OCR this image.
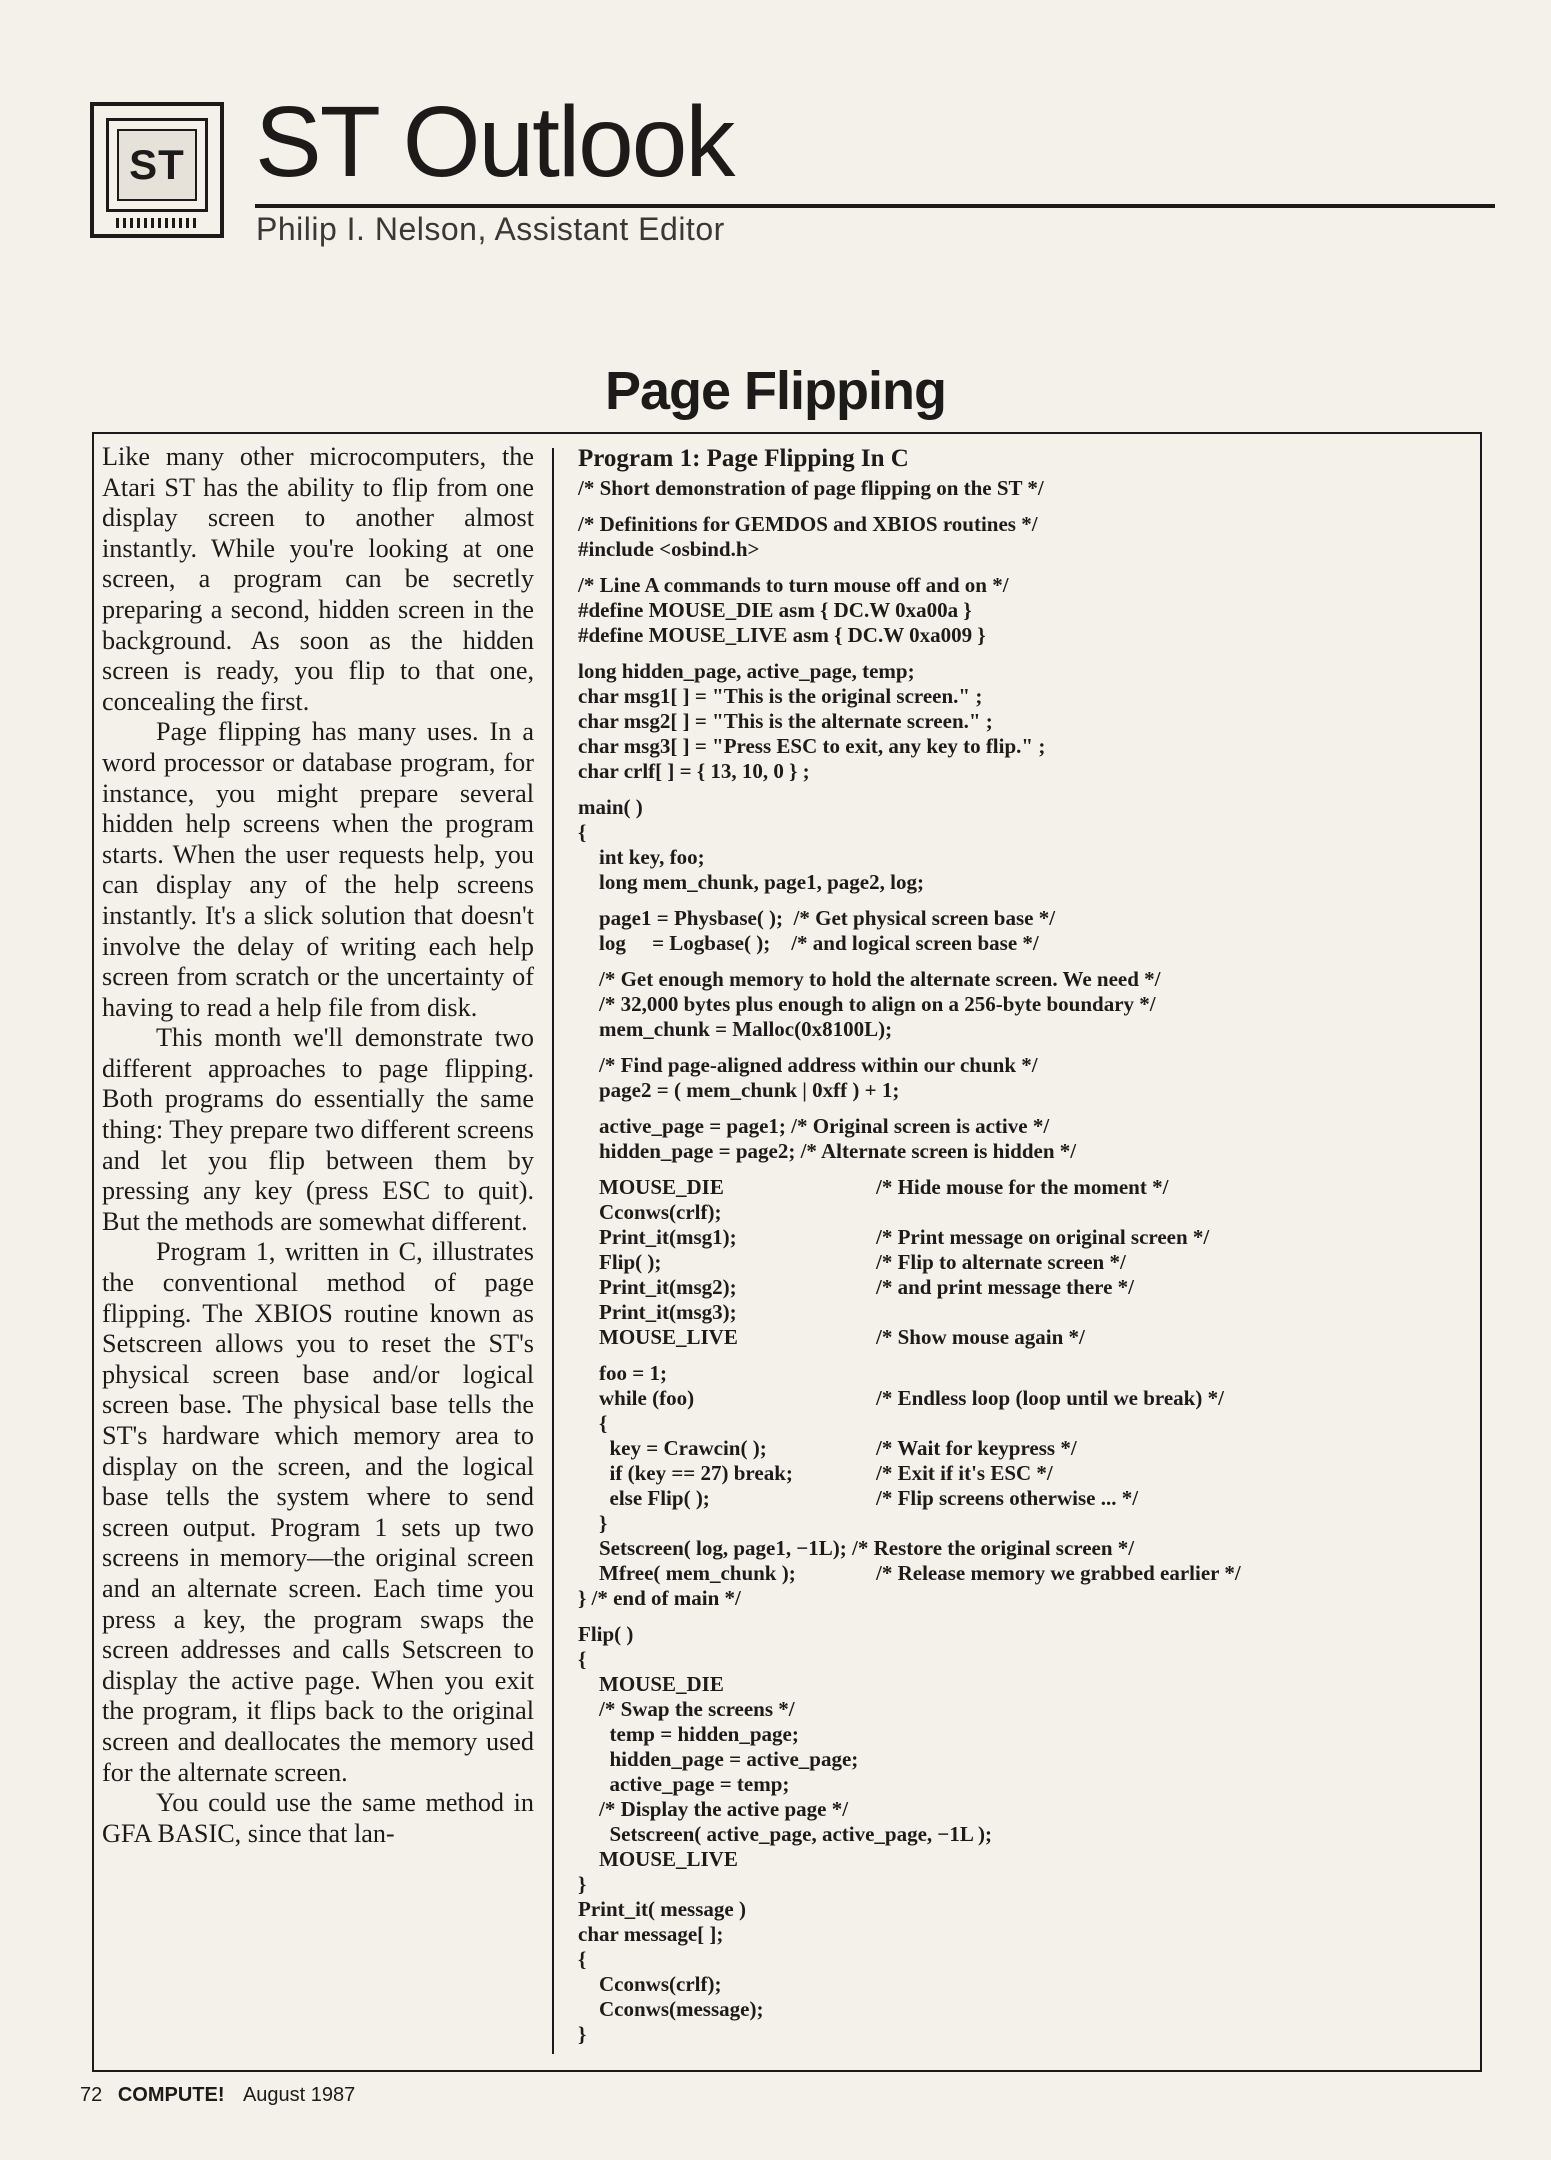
ST ST Outlook

Philip I. Nelson, Assistant Editor

Page Flipping

Like many other microcomputers, the Atari ST has the ability to flip from one display screen to another almost instantly. While you're looking at one screen, a program can be secretly preparing a second, hidden screen in the background. As soon as the hidden screen is ready, you flip to that one, concealing the first.

Page flipping has many uses. In a word processor or database program, for instance, you might prepare several hidden help screens when the program starts. When the user requests help, you can display any of the help screens instantly. It's a slick solution that doesn't involve the delay of writing each help screen from scratch or the uncertainty of having to read a help file from disk.

This month we'll demonstrate two different approaches to page flipping. Both programs do essentially the same thing: They prepare two different screens and let you flip between them by pressing any key (press ESC to quit). But the methods are somewhat different.

Program 1, written in C, illustrates the conventional method of page flipping. The XBIOS routine known as Setscreen allows you to reset the ST's physical screen base and/or logical screen base. The physical base tells the ST's hardware which memory area to display on the screen, and the logical base tells the system where to send screen output. Program 1 sets up two screens in memory—the original screen and an alternate screen. Each time you press a key, the program swaps the screen addresses and calls Setscreen to display the active page. When you exit the program, it flips back to the original screen and deallocates the memory used for the alternate screen.

You could use the same method in GFA BASIC, since that lan-

Program 1: Page Flipping In C

/* Short demonstration of page flipping on the ST */
/* Definitions for GEMDOS and XBIOS routines */
#include <osbind.h>
/* Line A commands to turn mouse off and on */
#define MOUSE_DIE asm { DC.W 0xa00a }
#define MOUSE_LIVE asm { DC.W 0xa009 }
long hidden_page, active_page, temp;
char msg1[ ] = "This is the original screen." ;
char msg2[ ] = "This is the alternate screen." ;
char msg3[ ] = "Press ESC to exit, any key to flip." ;
char crlf[ ] = { 13, 10, 0 } ;
main( )
{
int key, foo;
long mem_chunk, page1, page2, log;
page1 = Physbase( );  /* Get physical screen base */
log     = Logbase( );    /* and logical screen base */
/* Get enough memory to hold the alternate screen. We need */
/* 32,000 bytes plus enough to align on a 256-byte boundary */
mem_chunk = Malloc(0x8100L);
/* Find page-aligned address within our chunk */
page2 = ( mem_chunk | 0xff ) + 1;
active_page = page1; /* Original screen is active */
hidden_page = page2; /* Alternate screen is hidden */
MOUSE_DIE	/* Hide mouse for the moment */
Cconws(crlf);
Print_it(msg1);	/* Print message on original screen */
Flip( );	/* Flip to alternate screen */
Print_it(msg2);	/* and print message there */
Print_it(msg3);
MOUSE_LIVE	/* Show mouse again */
foo = 1;
while (foo)	/* Endless loop (loop until we break) */
{
key = Crawcin( );	/* Wait for keypress */
if (key == 27) break;	/* Exit if it's ESC */
else Flip( );	/* Flip screens otherwise ... */
}
Setscreen( log, page1, −1L); /* Restore the original screen */
Mfree( mem_chunk );	/* Release memory we grabbed earlier */
} /* end of main */
Flip( )
{
MOUSE_DIE
/* Swap the screens */
temp = hidden_page;
hidden_page = active_page;
active_page = temp;
/* Display the active page */
Setscreen( active_page, active_page, −1L );
MOUSE_LIVE
}
Print_it( message )
char message[ ];
{
Cconws(crlf);
Cconws(message);
}

72 COMPUTE! August 1987
